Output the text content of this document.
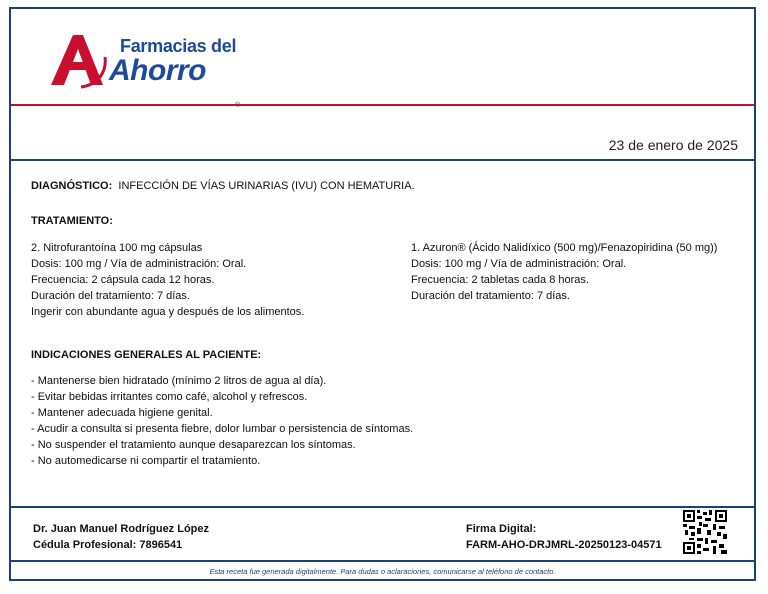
Farmacias del
Ahorro
23 de enero de 2025
DIAGNÓSTICO: INFECCIÓN DE VÍAS URINARIAS (IVU) CON HEMATURIA.
TRATAMIENTO:
2. Nitrofurantoína 100 mg cápsulas
Dosis: 100 mg / Vía de administración: Oral.
Frecuencia: 2 cápsula cada 12 horas.
Duración del tratamiento: 7 días.
Ingerir con abundante agua y después de los alimentos.
1. Azuron® (Ácido Nalidíxico (500 mg)/Fenazopiridina (50 mg))
Dosis: 100 mg / Vía de administración: Oral.
Frecuencia: 2 tabletas cada 8 horas.
Duración del tratamiento: 7 días.
INDICACIONES GENERALES AL PACIENTE:
- Mantenerse bien hidratado (mínimo 2 litros de agua al día).
- Evitar bebidas irritantes como café, alcohol y refrescos.
- Mantener adecuada higiene genital.
- Acudir a consulta si presenta fiebre, dolor lumbar o persistencia de síntomas.
- No suspender el tratamiento aunque desaparezcan los síntomas.
- No automedicarse ni compartir el tratamiento.
Dr. Juan Manuel Rodríguez López
Cédula Profesional: 7896541
Firma Digital:
FARM-AHO-DRJMRL-20250123-04571
Esta receta fue generada digitalmente. Para dudas o aclaraciones, comunicarse al teléfono de contacto.
